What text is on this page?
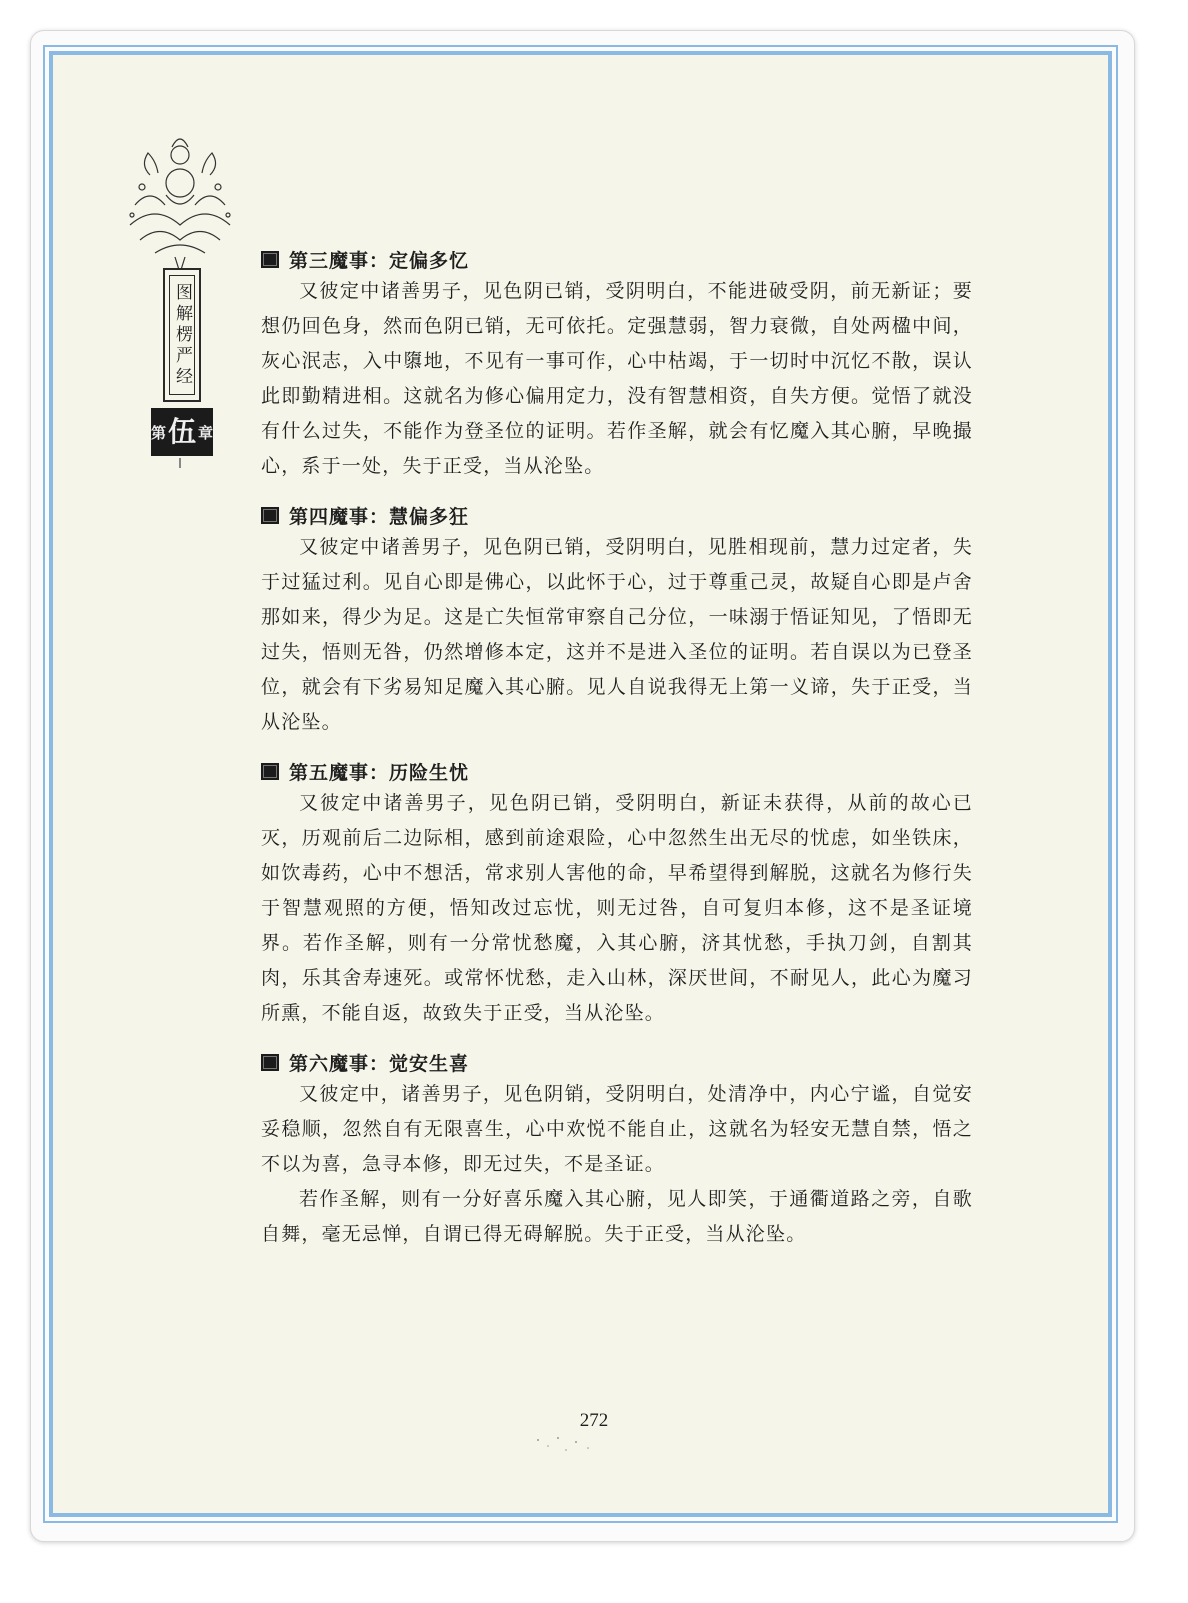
图解楞严经
第 伍 章
第三魔事：定偏多忆

又彼定中诸善男子，见色阴已销，受阴明白，不能进破受阴，前无新证；要想仍回色身，然而色阴已销，无可依托。定强慧弱，智力衰微，自处两楹中间，灰心泯志，入中隳地，不见有一事可作，心中枯竭，于一切时中沉忆不散，误认此即勤精进相。这就名为修心偏用定力，没有智慧相资，自失方便。觉悟了就没有什么过失，不能作为登圣位的证明。若作圣解，就会有忆魔入其心腑，早晚撮心，系于一处，失于正受，当从沦坠。

第四魔事：慧偏多狂

又彼定中诸善男子，见色阴已销，受阴明白，见胜相现前，慧力过定者，失于过猛过利。见自心即是佛心，以此怀于心，过于尊重己灵，故疑自心即是卢舍那如来，得少为足。这是亡失恒常审察自己分位，一味溺于悟证知见，了悟即无过失，悟则无咎，仍然增修本定，这并不是进入圣位的证明。若自误以为已登圣位，就会有下劣易知足魔入其心腑。见人自说我得无上第一义谛，失于正受，当从沦坠。

第五魔事：历险生忧

又彼定中诸善男子，见色阴已销，受阴明白，新证未获得，从前的故心已灭，历观前后二边际相，感到前途艰险，心中忽然生出无尽的忧虑，如坐铁床，如饮毒药，心中不想活，常求别人害他的命，早希望得到解脱，这就名为修行失于智慧观照的方便，悟知改过忘忧，则无过咎，自可复归本修，这不是圣证境界。若作圣解，则有一分常忧愁魔，入其心腑，济其忧愁，手执刀剑，自割其肉，乐其舍寿速死。或常怀忧愁，走入山林，深厌世间，不耐见人，此心为魔习所熏，不能自返，故致失于正受，当从沦坠。

第六魔事：觉安生喜

又彼定中，诸善男子，见色阴销，受阴明白，处清净中，内心宁谧，自觉安妥稳顺，忽然自有无限喜生，心中欢悦不能自止，这就名为轻安无慧自禁，悟之不以为喜，急寻本修，即无过失，不是圣证。

若作圣解，则有一分好喜乐魔入其心腑，见人即笑，于通衢道路之旁，自歌自舞，毫无忌惮，自谓已得无碍解脱。失于正受，当从沦坠。

272
